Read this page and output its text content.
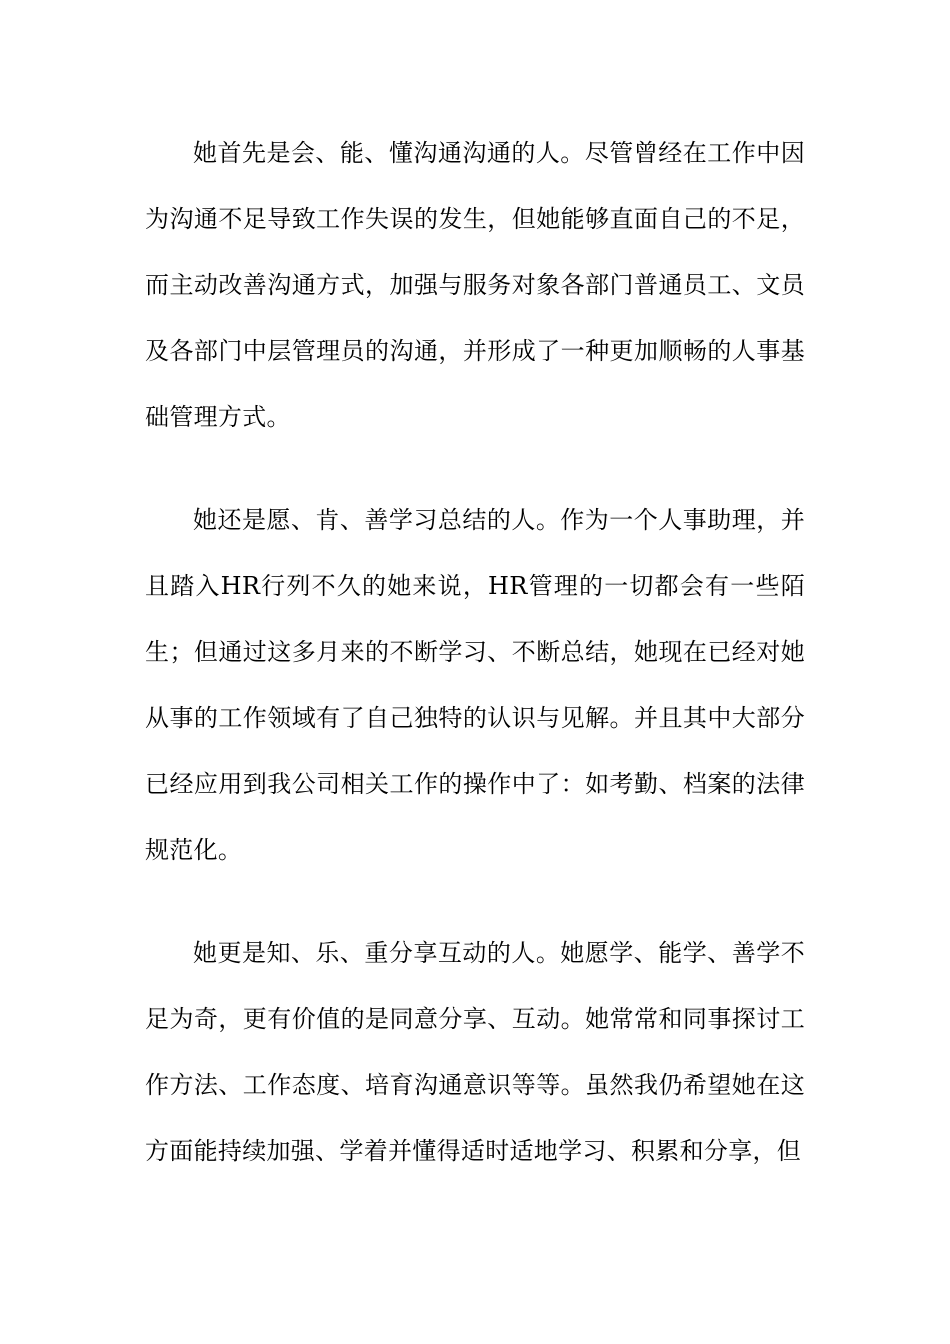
她首先是会、能、懂沟通沟通的人。尽管曾经在工作中因为沟通不足导致工作失误的发生，但她能够直面自己的不足，而主动改善沟通方式，加强与服务对象各部门普通员工、文员及各部门中层管理员的沟通，并形成了一种更加顺畅的人事基础管理方式。

她还是愿、肯、善学习总结的人。作为一个人事助理，并且踏入HR行列不久的她来说，HR管理的一切都会有一些陌生；但通过这多月来的不断学习、不断总结，她现在已经对她从事的工作领域有了自己独特的认识与见解。并且其中大部分已经应用到我公司相关工作的操作中了：如考勤、档案的法律规范化。

她更是知、乐、重分享互动的人。她愿学、能学、善学不足为奇，更有价值的是同意分享、互动。她常常和同事探讨工作方法、工作态度、培育沟通意识等等。虽然我仍希望她在这方面能持续加强、学着并懂得适时适地学习、积累和分享，但
